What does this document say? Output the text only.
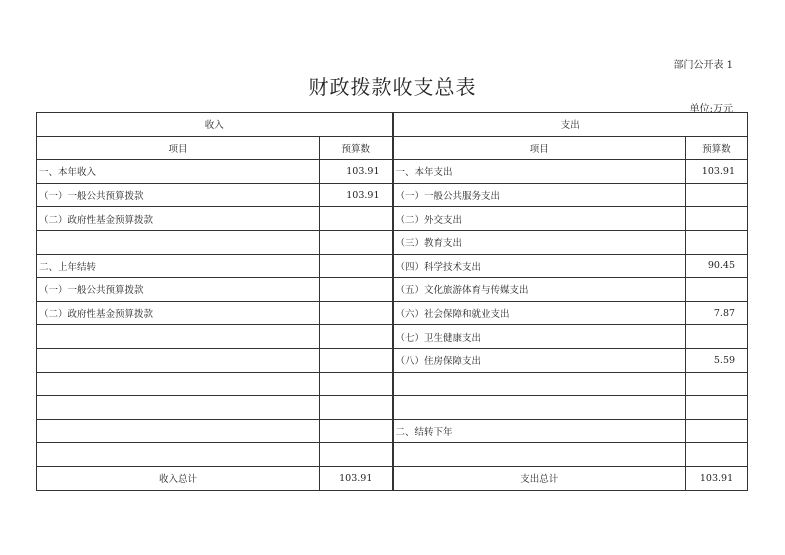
部门公开表 1
财政拨款收支总表
单位:万元
收入		支出	
项目	预算数	项目	预算数
一、本年收入	103.91	一、本年支出	103.91
（一）一般公共预算拨款	103.91	（一）一般公共服务支出	
（二）政府性基金预算拨款		（二）外交支出	
		（三）教育支出	
二、上年结转		（四）科学技术支出	90.45
（一）一般公共预算拨款		（五）文化旅游体育与传媒支出	
（二）政府性基金预算拨款		（六）社会保障和就业支出	7.87
		（七）卫生健康支出	
		（八）住房保障支出	5.59

		二、结转下年	

收入总计	103.91	支出总计	103.91
